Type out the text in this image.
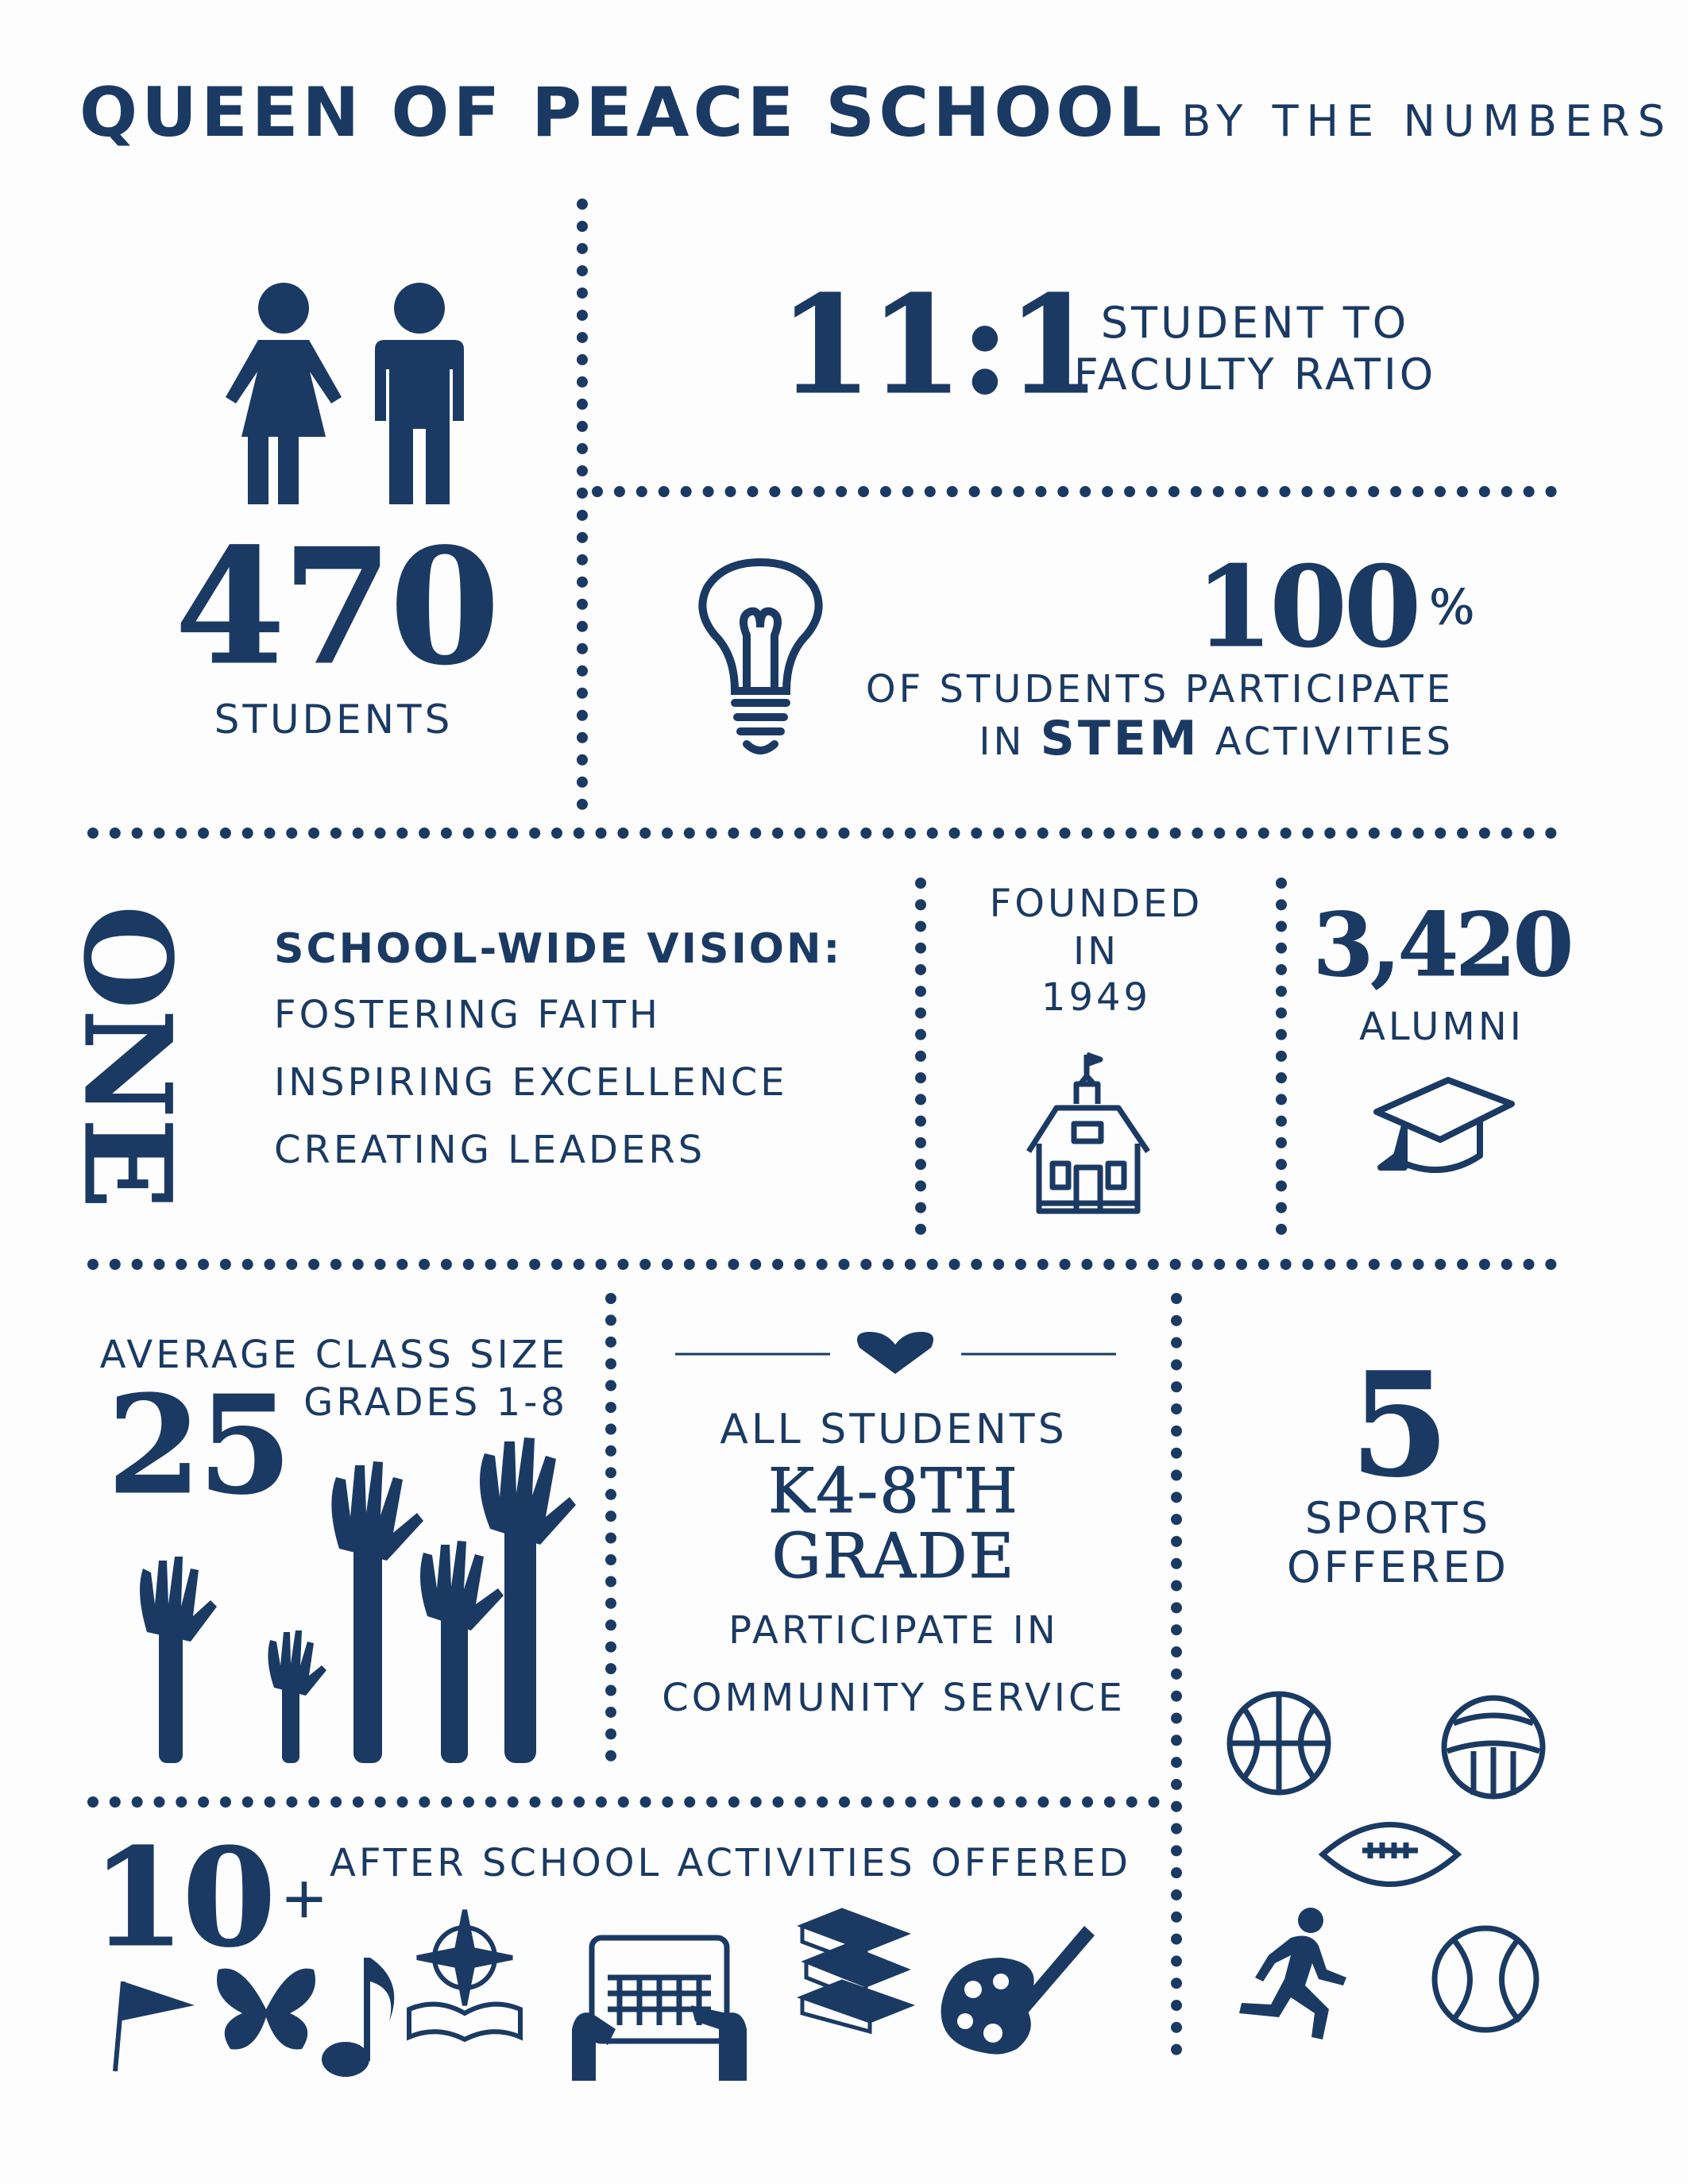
QUEEN OF PEACE SCHOOL BY THE NUMBERS
470
STUDENTS
11:1 STUDENT TO
FACULTY RATIO
100 %
OF STUDENTS PARTICIPATE
IN STEM ACTIVITIES
ONE SCHOOL-WIDE VISION:
FOSTERING FAITH
INSPIRING EXCELLENCE
CREATING LEADERS
FOUNDED
IN
1949
3,420
ALUMNI
AVERAGE CLASS SIZE
GRADES 1-8
25	ALL STUDENTS
K4-8TH
GRADE
PARTICIPATE IN
COMMUNITY SERVICE
5
SPORTS
OFFERED
10 +
AFTER SCHOOL ACTIVITIES OFFERED
